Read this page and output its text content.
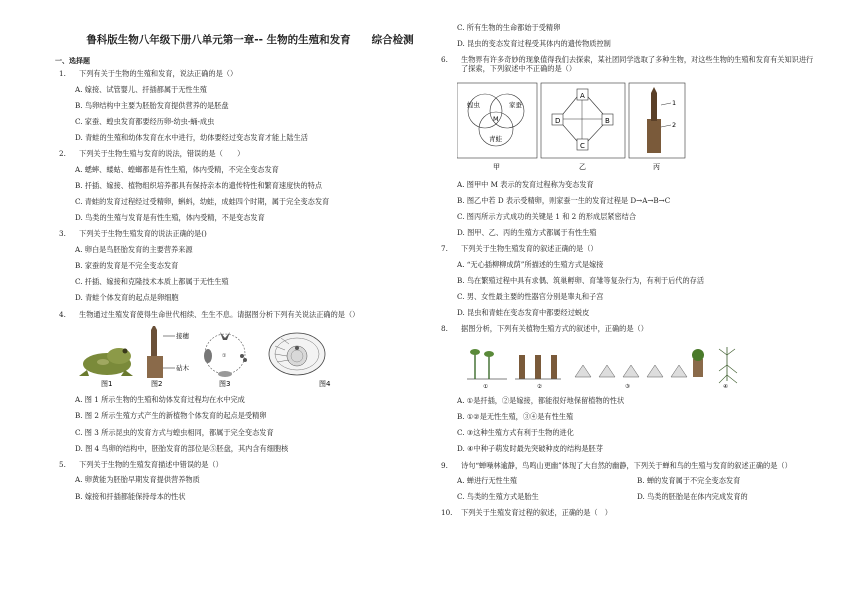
鲁科版生物八年级下册八单元第一章-- 生物的生殖和发育　　综合检测
一、选择题
1.	下列有关于生物的生殖和发育，说法正确的是（）
A. 嫁接、试管婴儿、扦插都属于无性生殖
B. 鸟卵结构中主要为胚胎发育提供营养的是胚盘
C. 家蚕、蝗虫发育都要经历卵-幼虫-蛹-成虫
D. 青蛙的生殖和幼体发育在水中进行，幼体要经过变态发育才能上陆生活
2.	下列关于生物生殖与发育的说法，错误的是（　　）
A. 蟋蟀、蝼蛄、蝗螂都是有性生殖，体内受精，不完全变态发育
B. 扦插、嫁接、植物组织培养都具有保持亲本的遗传特性和繁育速度快的特点
C. 青蛙的发育过程经过受精卵，蝌蚪，幼蛙，成蛙四个时期，属于完全变态发育
D. 鸟类的生殖与发育是有性生殖，体内受精，不是变态发育
3.	下列关于生物生殖发育的说法正确的是()
A. 卵白是鸟胚胎发育的主要营养来源
B. 家蚕的发育是不完全变态发育
C. 扦插、嫁接和克隆技术本质上都属于无性生殖
D. 青蛙个体发育的起点是卵细胞
4.	生物通过生殖发育使得生命世代相续、生生不息。请据图分析下列有关说法正确的是（）
图1
接穗
砧木
图2
①
图3	图4
A. 图 1 所示生物的生殖和幼体发育过程均在水中完成
B. 图 2 所示生殖方式产生的新植物个体发育的起点是受精卵
C. 图 3 所示昆虫的发育方式与蝗虫相同，都属于完全变态发育
D. 图 4 鸟卵的结构中，胚胎发育的部位是⑤胚盘，其内含有细胞核
5.	下列关于生物的生殖发育描述中错误的是（）
A. 卵黄能为胚胎早期发育提供营养物质
B. 嫁接和扦插都能保持母本的性状
C. 所有生物的生命都始于受精卵
D. 昆虫的变态发育过程受其体内的遗传物质控制
6.	生物界有许多奇妙的现象值得我们去探索，某社团同学选取了多种生物，对这些生物的生殖和发育有关知识进行了探索，下列叙述中不正确的是（）
蝗虫	家蚕
青蛙
M
甲
A
B
C
D
乙
1
2
丙
A. 图甲中 M 表示的发育过程称为变态发育
B. 图乙中若 D 表示受精卵，则家蚕一生的发育过程是 D→A→B→C
C. 图丙所示方式成功的关键是 1 和 2 的形成层紧密结合
D. 图甲、乙、丙的生殖方式都属于有性生殖
7.	下列关于生物生殖发育的叙述正确的是（）
A. “无心插柳柳成荫”所描述的生殖方式是嫁接
B. 鸟在繁殖过程中具有求偶、筑巢孵卵、育雏等复杂行为，有利于后代的存活
C. 男、女性最主要的性器官分别是睾丸和子宫
D. 昆虫和青蛙在变态发育中都要经过蜕皮
8.	据图分析，下列有关植物生殖方式的叙述中，正确的是（）
①	②	③	④
A. ①是扦插，②是嫁接，都能很好地保留植物的性状
B. ①②是无性生殖，③④是有性生殖
C. ③这种生殖方式有利于生物的进化
D. ④中种子萌发时最先突破种皮的结构是胚芽
9.	诗句“蝉噪林逾静，鸟鸣山更幽”体现了大自然的幽静，下列关于蝉和鸟的生殖与发育的叙述正确的是（）
A. 蝉进行无性生殖	B. 蝉的发育属于不完全变态发育
C. 鸟类的生殖方式是胎生	D. 鸟类的胚胎是在体内完成发育的
10.	下列关于生殖发育过程的叙述，正确的是（　）
